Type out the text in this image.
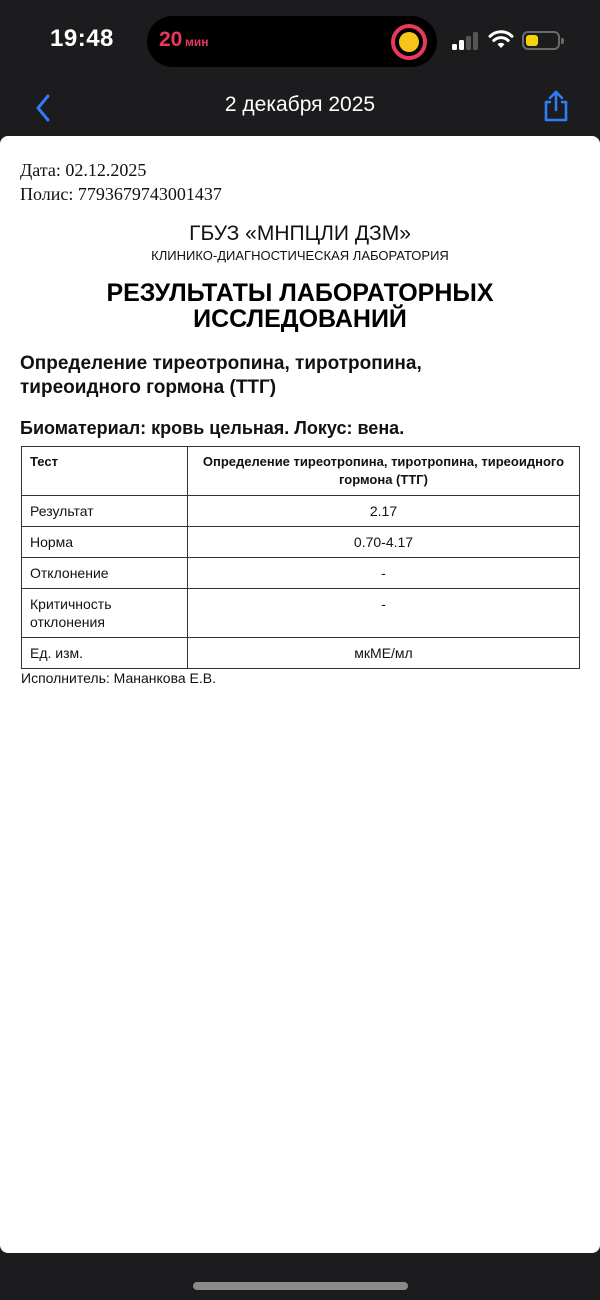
19:48 20 мин
2 декабря 2025
Дата: 02.12.2025
Полис: 7793679743001437
ГБУЗ «МНПЦЛИ ДЗМ»
КЛИНИКО-ДИАГНОСТИЧЕСКАЯ ЛАБОРАТОРИЯ
РЕЗУЛЬТАТЫ ЛАБОРАТОРНЫХ
ИССЛЕДОВАНИЙ
Определение тиреотропина, тиротропина, тиреоидного гормона (ТТГ)
Биоматериал: кровь цельная. Локус: вена.
Тест	Определение тиреотропина, тиротропина, тиреоидного гормона (ТТГ)
Результат	2.17
Норма	0.70-4.17
Отклонение	-
Критичность отклонения	-
Ед. изм.	мкМЕ/мл
Исполнитель: Мананкова Е.В.
